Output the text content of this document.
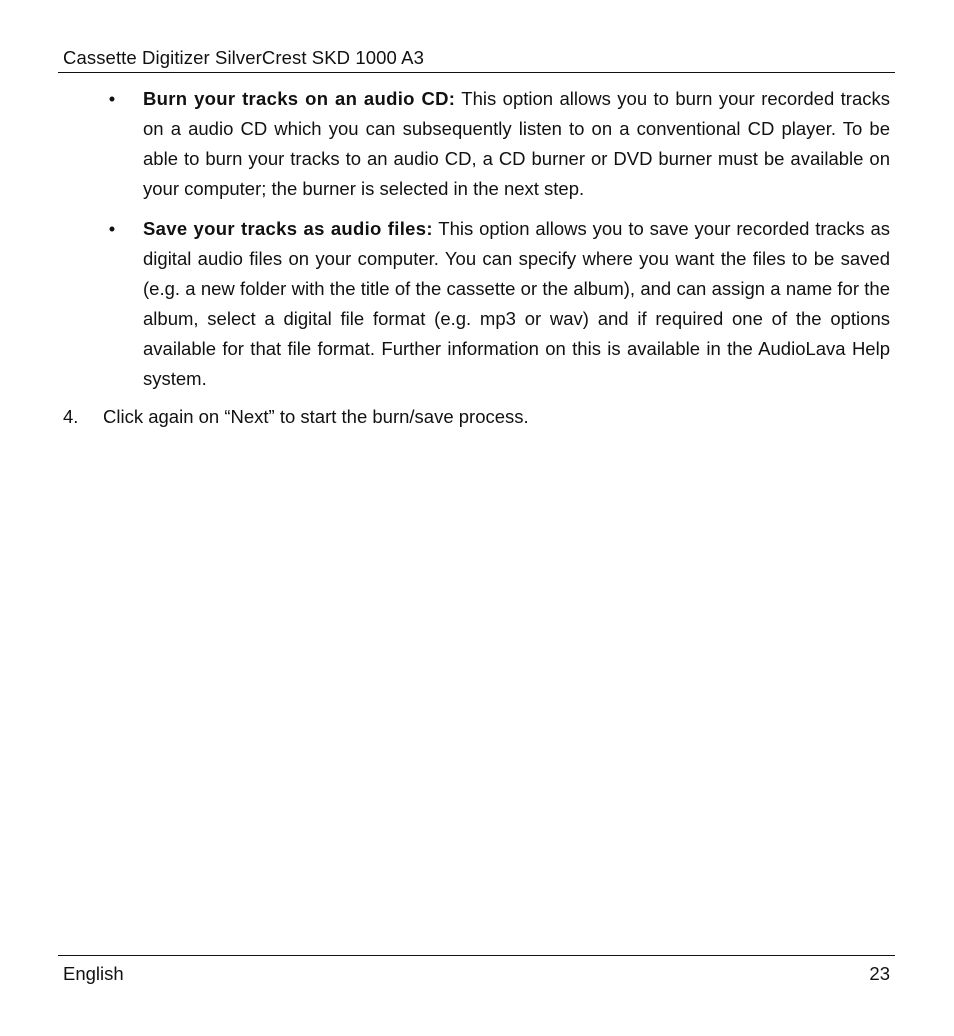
Cassette Digitizer SilverCrest SKD 1000 A3
• Burn your tracks on an audio CD: This option allows you to burn your recorded tracks on a audio CD which you can subsequently listen to on a conventional CD player. To be able to burn your tracks to an audio CD, a CD burner or DVD burner must be available on your computer; the burner is selected in the next step.
• Save your tracks as audio files: This option allows you to save your recorded tracks as digital audio files on your computer. You can specify where you want the files to be saved (e.g. a new folder with the title of the cassette or the album), and can assign a name for the album, select a digital file format (e.g. mp3 or wav) and if required one of the options available for that file format. Further information on this is available in the AudioLava Help system.
4. Click again on “Next” to start the burn/save process.
English	23
